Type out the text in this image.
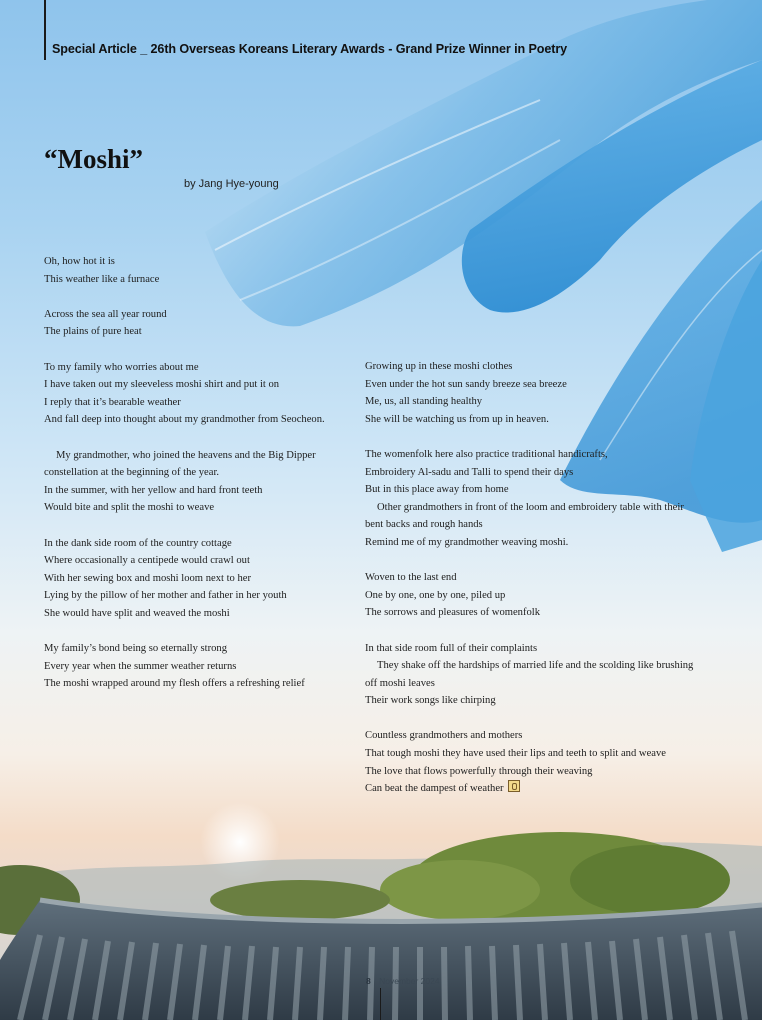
Special Article _ 26th Overseas Koreans Literary Awards - Grand Prize Winner in Poetry
“Moshi”
by Jang Hye-young
Oh, how hot it is
This weather like a furnace
Across the sea all year round
The plains of pure heat
To my family who worries about me
I have taken out my sleeveless moshi shirt and put it on
I reply that it’s bearable weather
And fall deep into thought about my grandmother from Seocheon.
My grandmother, who joined the heavens and the Big Dipper constellation at the beginning of the year.
In the summer, with her yellow and hard front teeth
Would bite and split the moshi to weave
In the dank side room of the country cottage
Where occasionally a centipede would crawl out
With her sewing box and moshi loom next to her
Lying by the pillow of her mother and father in her youth
She would have split and weaved the moshi
My family’s bond being so eternally strong
Every year when the summer weather returns
The moshi wrapped around my flesh offers a refreshing relief
Growing up in these moshi clothes
Even under the hot sun sandy breeze sea breeze
Me, us, all standing healthy
She will be watching us from up in heaven.
The womenfolk here also practice traditional handicrafts,
Embroidery Al-sadu and Talli to spend their days
But in this place away from home
Other grandmothers in front of the loom and embroidery table with their bent backs and rough hands
Remind me of my grandmother weaving moshi.
Woven to the last end
One by one, one by one, piled up
The sorrows and pleasures of womenfolk
In that side room full of their complaints
They shake off the hardships of married life and the scolding like brushing off moshi leaves
Their work songs like chirping
Countless grandmothers and mothers
That tough moshi they have used their lips and teeth to split and weave
The love that flows powerfully through their weaving
Can beat the dampest of weather
8 November 2024
